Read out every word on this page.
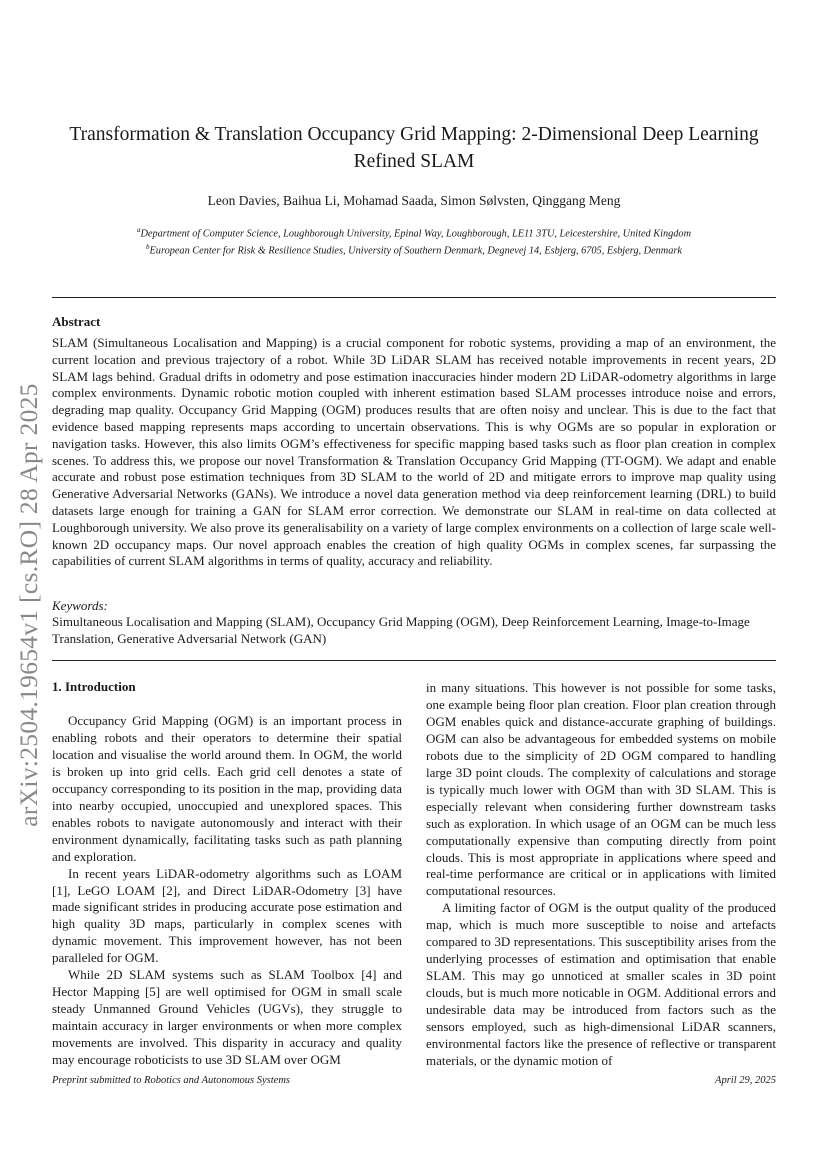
arXiv:2504.19654v1 [cs.RO] 28 Apr 2025
Transformation & Translation Occupancy Grid Mapping: 2-Dimensional Deep Learning
Refined SLAM
Leon Davies, Baihua Li, Mohamad Saada, Simon Sølvsten, Qinggang Meng
$^a$Department of Computer Science, Loughborough University, Epinal Way, Loughborough, LE11 3TU, Leicestershire, United Kingdom
$^b$European Center for Risk & Resilience Studies, University of Southern Denmark, Degnevej 14, Esbjerg, 6705, Esbjerg, Denmark
Abstract
SLAM (Simultaneous Localisation and Mapping) is a crucial component for robotic systems, providing a map of an environment, the current location and previous trajectory of a robot. While 3D LiDAR SLAM has received notable improvements in recent years, 2D SLAM lags behind. Gradual drifts in odometry and pose estimation inaccuracies hinder modern 2D LiDAR-odometry algorithms in large complex environments. Dynamic robotic motion coupled with inherent estimation based SLAM processes introduce noise and errors, degrading map quality. Occupancy Grid Mapping (OGM) produces results that are often noisy and unclear. This is due to the fact that evidence based mapping represents maps according to uncertain observations. This is why OGMs are so popular in exploration or navigation tasks. However, this also limits OGM’s effectiveness for specific mapping based tasks such as floor plan creation in complex scenes. To address this, we propose our novel Transformation & Translation Occupancy Grid Mapping (TT-OGM). We adapt and enable accurate and robust pose estimation techniques from 3D SLAM to the world of 2D and mitigate errors to improve map quality using Generative Adversarial Networks (GANs). We introduce a novel data generation method via deep reinforcement learning (DRL) to build datasets large enough for training a GAN for SLAM error correction. We demonstrate our SLAM in real-time on data collected at Loughborough university. We also prove its generalisability on a variety of large complex environments on a collection of large scale well-known 2D occupancy maps. Our novel approach enables the creation of high quality OGMs in complex scenes, far surpassing the capabilities of current SLAM algorithms in terms of quality, accuracy and reliability.
Keywords:
Simultaneous Localisation and Mapping (SLAM), Occupancy Grid Mapping (OGM), Deep Reinforcement Learning, Image-to-Image Translation, Generative Adversarial Network (GAN)
1. Introduction

Occupancy Grid Mapping (OGM) is an important process in enabling robots and their operators to determine their spatial location and visualise the world around them. In OGM, the world is broken up into grid cells. Each grid cell denotes a state of occupancy corresponding to its position in the map, providing data into nearby occupied, unoccupied and unexplored spaces. This enables robots to navigate autonomously and interact with their environment dynamically, facilitating tasks such as path planning and exploration.

In recent years LiDAR-odometry algorithms such as LOAM [1], LeGO LOAM [2], and Direct LiDAR-Odometry [3] have made significant strides in producing accurate pose estimation and high quality 3D maps, particularly in complex scenes with dynamic movement. This improvement however, has not been paralleled for OGM.

While 2D SLAM systems such as SLAM Toolbox [4] and Hector Mapping [5] are well optimised for OGM in small scale steady Unmanned Ground Vehicles (UGVs), they struggle to maintain accuracy in larger environments or when more complex movements are involved. This disparity in accuracy and quality may encourage roboticists to use 3D SLAM over OGM

in many situations. This however is not possible for some tasks, one example being floor plan creation. Floor plan creation through OGM enables quick and distance-accurate graphing of buildings. OGM can also be advantageous for embedded systems on mobile robots due to the simplicity of 2D OGM compared to handling large 3D point clouds. The complexity of calculations and storage is typically much lower with OGM than with 3D SLAM. This is especially relevant when considering further downstream tasks such as exploration. In which usage of an OGM can be much less computationally expensive than computing directly from point clouds. This is most appropriate in applications where speed and real-time performance are critical or in applications with limited computational resources.

A limiting factor of OGM is the output quality of the produced map, which is much more susceptible to noise and artefacts compared to 3D representations. This susceptibility arises from the underlying processes of estimation and optimisation that enable SLAM. This may go unnoticed at smaller scales in 3D point clouds, but is much more noticable in OGM. Additional errors and undesirable data may be introduced from factors such as the sensors employed, such as high-dimensional LiDAR scanners, environmental factors like the presence of reflective or transparent materials, or the dynamic motion of

Preprint submitted to Robotics and Autonomous Systems	April 29, 2025
